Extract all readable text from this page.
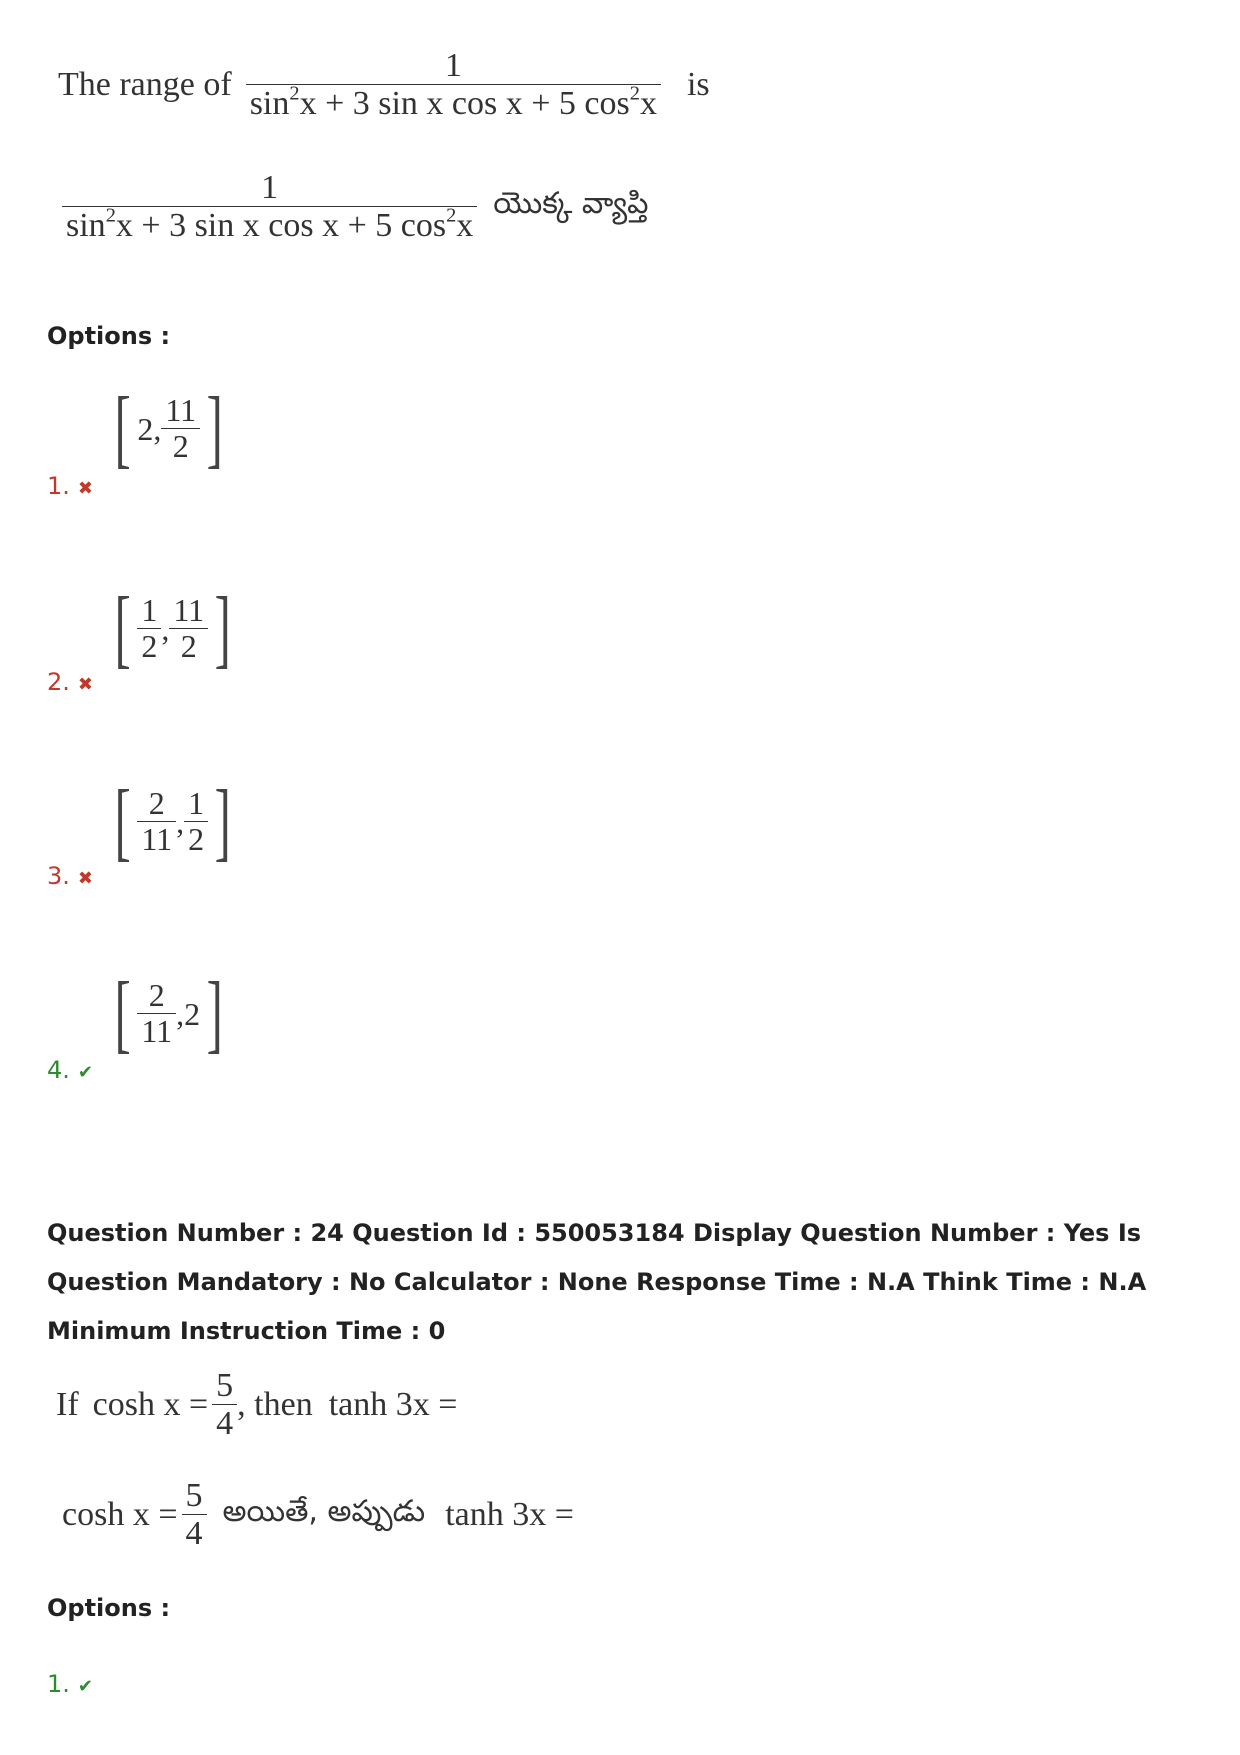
The range of $\frac{1}{\sin^2x + 3 \sin x \cos x + 5 \cos^2x}$ is
$\frac{1}{\sin^2x + 3 \sin x \cos x + 5 \cos^2x}$ యొక్క వ్యాప్తి
Options :
1. ✖
[ 2, $\frac{11}{2}$ ]
2. ✖
[ $\frac{1}{2}$ , $\frac{11}{2}$ ]
3. ✖
[ $\frac{2}{11}$ , $\frac{1}{2}$ ]
4. ✔
[ $\frac{2}{11}$ , 2 ]
Question Number : 24 Question Id : 550053184 Display Question Number : Yes Is Question Mandatory : No Calculator : None Response Time : N.A Think Time : N.A Minimum Instruction Time : 0
If $\cosh x = \frac{5}{4}$ , then tanh 3x =
$\cosh x = \frac{5}{4}$ అయితే, అప్పుడు tanh 3x =
Options :
1. ✔
